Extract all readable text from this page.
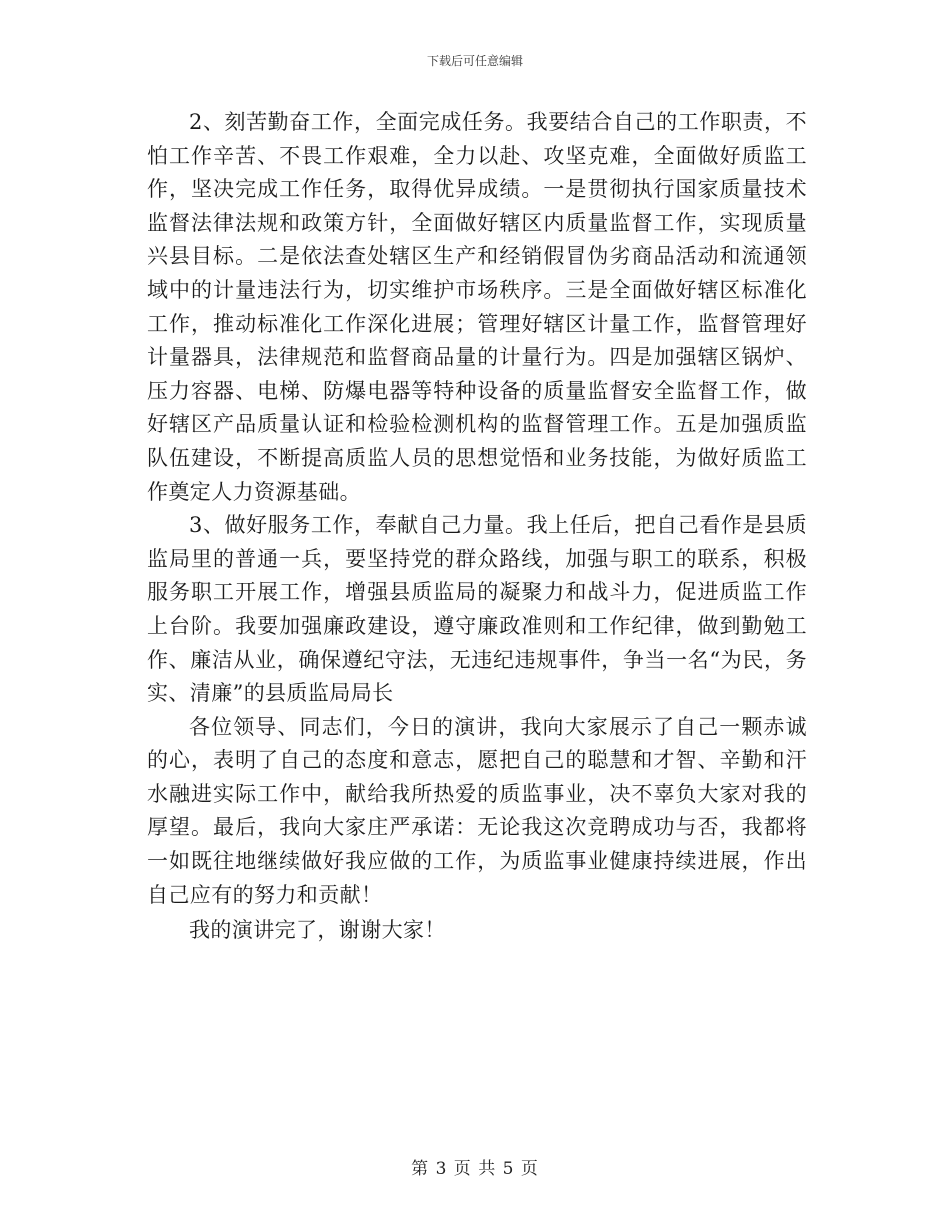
下载后可任意编辑

2、刻苦勤奋工作，全面完成任务。我要结合自己的工作职责，不怕工作辛苦、不畏工作艰难，全力以赴、攻坚克难，全面做好质监工作，坚决完成工作任务，取得优异成绩。一是贯彻执行国家质量技术监督法律法规和政策方针，全面做好辖区内质量监督工作，实现质量兴县目标。二是依法查处辖区生产和经销假冒伪劣商品活动和流通领域中的计量违法行为，切实维护市场秩序。三是全面做好辖区标准化工作，推动标准化工作深化进展；管理好辖区计量工作，监督管理好计量器具，法律规范和监督商品量的计量行为。四是加强辖区锅炉、压力容器、电梯、防爆电器等特种设备的质量监督安全监督工作，做好辖区产品质量认证和检验检测机构的监督管理工作。五是加强质监队伍建设，不断提高质监人员的思想觉悟和业务技能，为做好质监工作奠定人力资源基础。

3、做好服务工作，奉献自己力量。我上任后，把自己看作是县质监局里的普通一兵，要坚持党的群众路线，加强与职工的联系，积极服务职工开展工作，增强县质监局的凝聚力和战斗力，促进质监工作上台阶。我要加强廉政建设，遵守廉政准则和工作纪律，做到勤勉工作、廉洁从业，确保遵纪守法，无违纪违规事件，争当一名“为民，务实、清廉”的县质监局局长

各位领导、同志们，今日的演讲，我向大家展示了自己一颗赤诚的心，表明了自己的态度和意志，愿把自己的聪慧和才智、辛勤和汗水融进实际工作中，献给我所热爱的质监事业，决不辜负大家对我的厚望。最后，我向大家庄严承诺：无论我这次竞聘成功与否，我都将一如既往地继续做好我应做的工作，为质监事业健康持续进展，作出自己应有的努力和贡献！

我的演讲完了，谢谢大家！

第 3 页 共 5 页
